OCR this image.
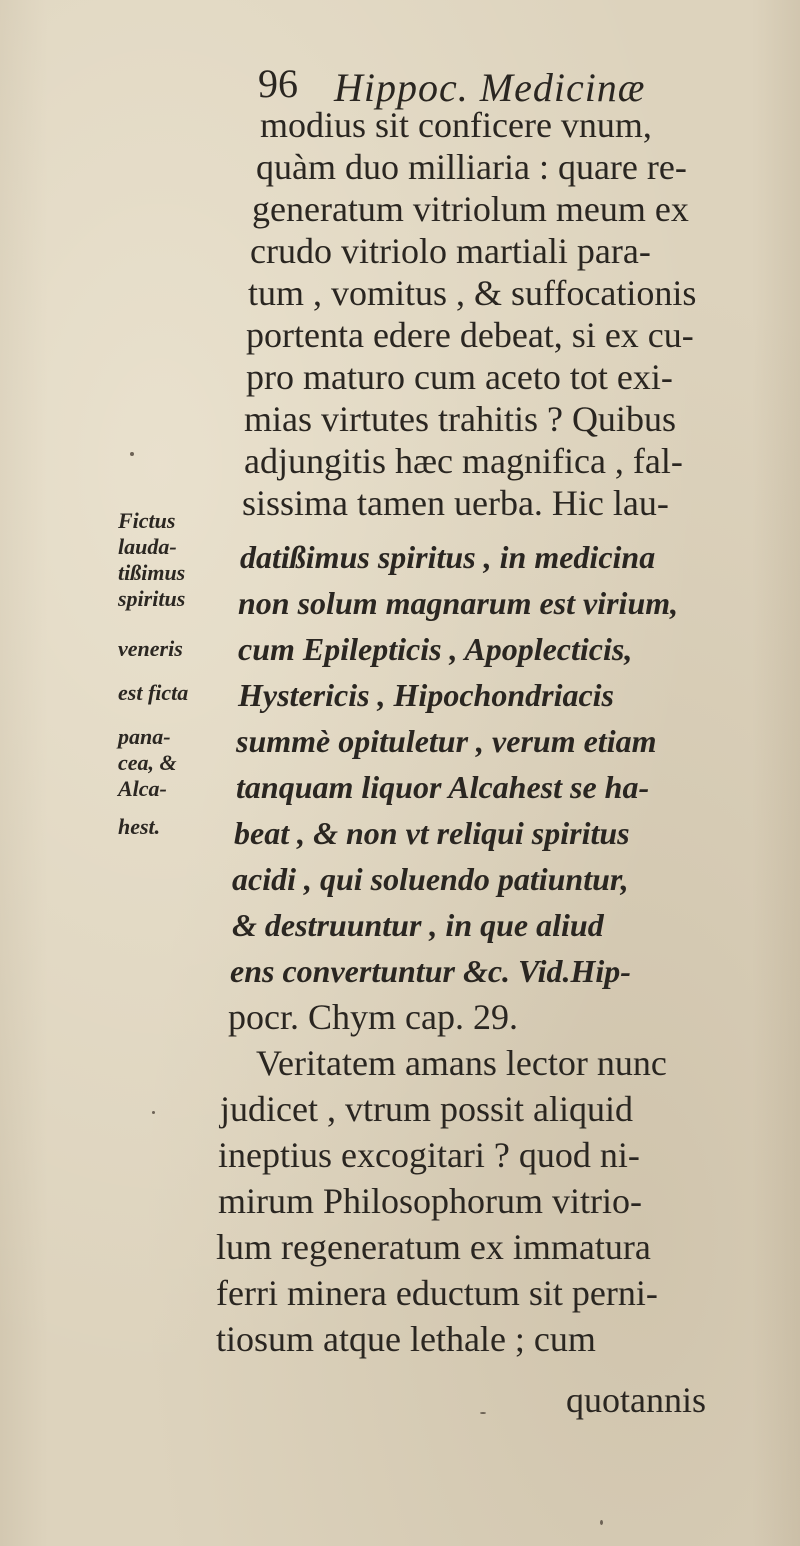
96 Hippoc. Medicinæ
Fictus
lauda-
tißimus
spiritus
veneris
est ficta
pana-
cea, &
Alca-
hest.
modius sit conficere vnum,
quàm duo milliaria : quare re-
generatum vitriolum meum ex
crudo vitriolo martiali para-
tum , vomitus , & suffocationis
portenta edere debeat, si ex cu-
pro maturo cum aceto tot exi-
mias virtutes trahitis ? Quibus
adjungitis hæc magnifica , fal-
sissima tamen uerba. Hic lau-
datißimus spiritus , in medicina
non solum magnarum est virium,
cum Epilepticis , Apoplecticis,
Hystericis , Hipochondriacis
summè opituletur , verum etiam
tanquam liquor Alcahest se ha-
beat , & non vt reliqui spiritus
acidi , qui soluendo patiuntur,
& destruuntur , in que aliud
ens convertuntur &c. Vid.Hip-
pocr. Chym cap. 29.
Veritatem amans lector nunc
judicet , vtrum possit aliquid
ineptius excogitari ? quod ni-
mirum Philosophorum vitrio-
lum regeneratum ex immatura
ferri minera eductum sit perni-
tiosum atque lethale ; cum
quotannis
